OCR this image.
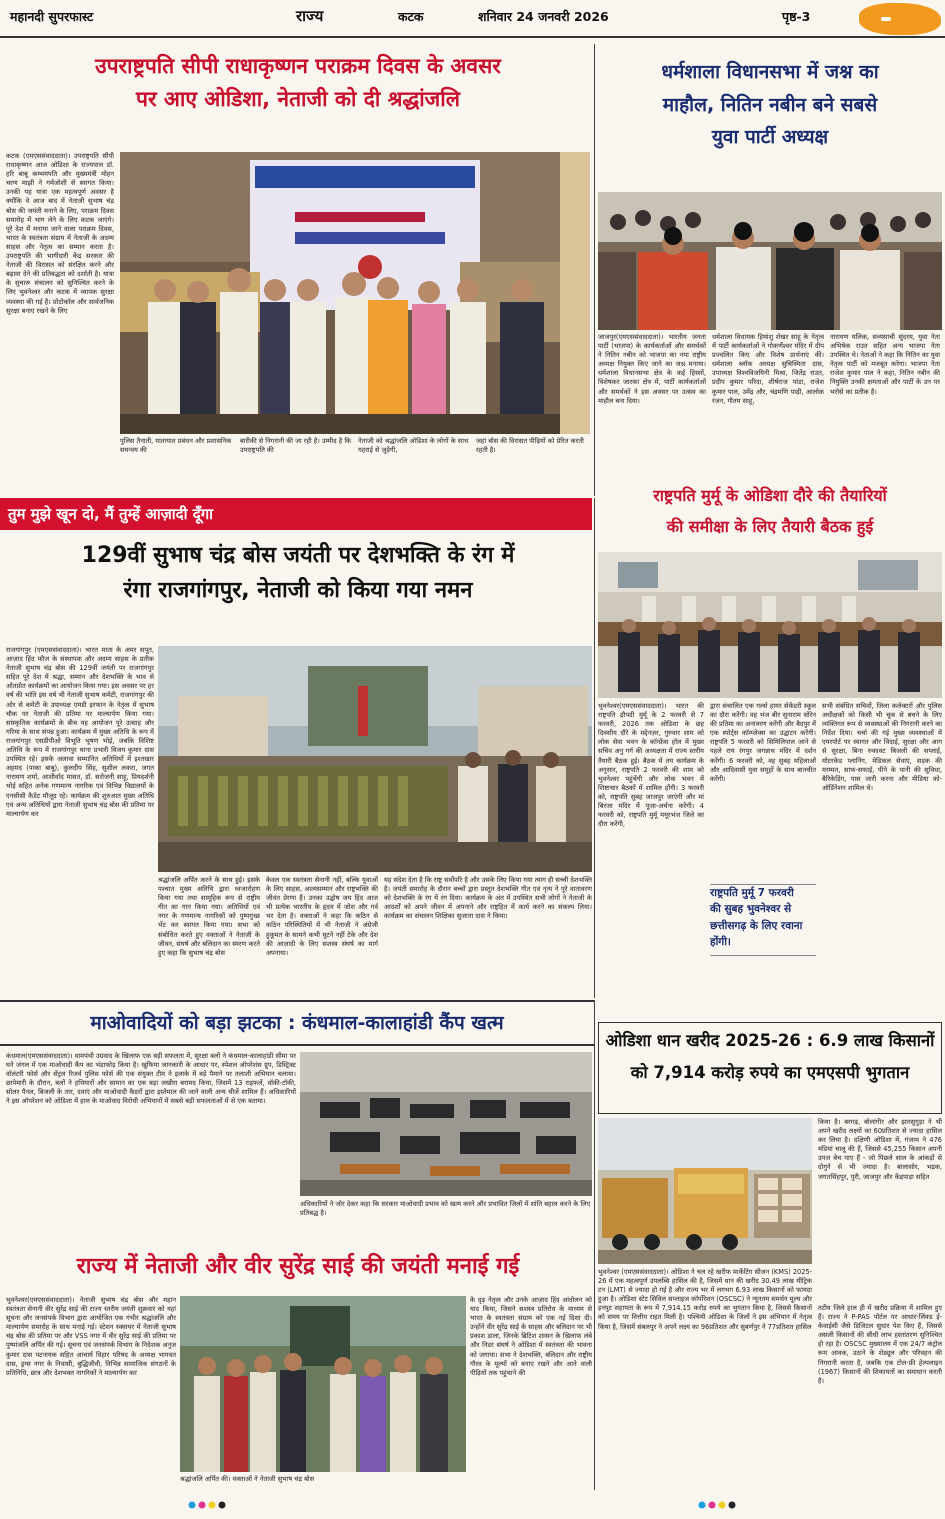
महानदी सुपरफास्ट	राज्य	कटक	शनिवार 24 जनवरी 2026	पृष्ठ-3
उपराष्ट्रपति सीपी राधाकृष्णन पराक्रम दिवस के अवसर
पर आए ओडिशा, नेताजी को दी श्रद्धांजलि
कटक (एमएससंवाददाता)। उपराष्ट्रपति सीपी राधाकृष्णन आज ओडिशा के राज्यपाल डॉ. हरि बाबू कम्भमपति और मुख्यमंत्री मोहन चरण माझी ने गर्मजोशी से स्वागत किया। उनकी यह यात्रा एक महत्वपूर्ण अवसर है क्योंकि वे आज बाद में नेताजी सुभाष चंद्र बोस की जयंती मनाने के लिए, पराक्रम दिवस समारोह में भाग लेने के लिए कटक जाएंगे। पूरे देश में मनाया जाने वाला पराक्रम दिवस, भारत के स्वतंत्रता संग्राम में नेताजी के अदम्य साहस और नेतृत्व का सम्मान करता है। उपराष्ट्रपति की भागीदारी केंद्र सरकार की नेताजी की विरासत को संरक्षित करने और बढ़ावा देने की प्रतिबद्धता को दर्शाती है। यात्रा के सुचारू संचालन को सुनिश्चित करने के लिए भुवनेश्वर और कटक में व्यापक सुरक्षा व्यवस्था की गई है। प्रोटोकॉल और सार्वजनिक सुरक्षा बनाए रखने के लिए
पुलिस तैनाती, यातायात प्रबंधन और प्रशासनिक समन्वय की
बारीकी से निगरानी की जा रही है। उम्मीद है कि उपराष्ट्रपति की
नेताजी को श्रद्धांजलि ओडिशा के लोगों के साथ गहराई से जुड़ेगी,
जहां बोस की विरासत पीढ़ियों को प्रेरित करती रहती है।
धर्मशाला विधानसभा में जश्न का
माहौल, नितिन नबीन बने सबसे
युवा पार्टी अध्यक्ष
जाजपुर(एमएससंवाददाता)। भारतीय जनता पार्टी (भाजपा) के कार्यकर्ताओं और समर्थकों ने नितिन नबीन को भाजपा का नया राष्ट्रीय अध्यक्ष नियुक्त किए जाने का जश्न मनाया। धर्मशाला विधानसभा क्षेत्र के कई हिस्सों, विशेषकर जारका क्षेत्र में, पार्टी कार्यकर्ताओं और समर्थकों ने इस अवसर पर उत्सव का माहौल बना दिया।
धर्मशाला विधायक हिमांशु शेखर साहू के नेतृत्व में पार्टी कार्यकर्ताओं ने गोकर्णेश्वर मंदिर में दीप प्रज्वलित किए और विशेष प्रार्थनाएं कीं। धर्मशाला ब्लॉक अध्यक्ष सुचिस्मिता दास, उपाध्यक्ष विश्वविजयिनी मिश्रा, जितेंद्र राउत, प्रदीप कुमार परिदा, शीर्षराज पांडा, राजेश कुमार पाल, उमेंद्र और, चंद्रमणि पाढ़ी, आलोक रंजन, गौतम साहू,
नारायण मलिक, सव्यसाची सुंदरय, युवा नेता अभिषेक राउत सहित अन्य भाजपा नेता उपस्थित थे। नेताओं ने कहा कि नितिन का युवा नेतृत्व पार्टी को मजबूत करेगा। भाजपा नेता राजेश कुमार पाल ने कहा, नितिन नबीन की नियुक्ति उनकी क्षमताओं और पार्टी के उन पर भरोसे का प्रतीक है।
तुम मुझे खून दो, मैं तुम्हें आज़ादी दूँगा
129वीं सुभाष चंद्र बोस जयंती पर देशभक्ति के रंग में
रंगा राजगांगपुर, नेताजी को किया गया नमन
राजगांगपुर (एमएससंवाददाता)। भारत माता के अमर सपूत, आज़ाद हिंद फौज के संस्थापक और अदम्य साहस के प्रतीक नेताजी सुभाष चंद्र बोस की 129वीं जयंती पर राजगांगपुर सहित पूरे देश में श्रद्धा, सम्मान और देशभक्ति के भाव से ओतप्रोत कार्यक्रमों का आयोजन किया गया। इस अवसर पर हर वर्ष की भांति इस वर्ष भी नेताजी सुभाष कमेटी, राजगांगपुर की ओर से कमेटी के उपाध्यक्ष एमडी इरफान के नेतृत्व में सुभाष चौक पर नेताजी की प्रतिमा पर माल्यार्पण किया गया। सांस्कृतिक कार्यक्रमों के बीच यह आयोजन पूरे उत्साह और गरिमा के साथ संपन्न हुआ। कार्यक्रम में मुख्य अतिथि के रूप में राजगांगपुर एसडीपीओ विभूति भूषण भोई, जबकि विशिष्ट अतिथि के रूप में राजगांगपुर थाना प्रभारी विजय कुमार दास उपस्थित रहे। इसके अलावा सम्मानित अतिथियों में इश्तखार अहमद (पाका बाबू), कुलदीप सिंह, सुशील लकरा, जगत नारायण शर्मा, आशीर्वाद मासत, डॉ. सरोजनी साहू, प्रियदर्शनी भोई सहित अनेक गणमान्य नागरिक एवं विभिन्न विद्यालयों के एनसीसी कैडेट मौजूद रहे। कार्यक्रम की शुरुआत मुख्य अतिथि एवं अन्य अतिथियों द्वारा नेताजी सुभाष चंद्र बोस की प्रतिमा पर माल्यार्पण कर
श्रद्धांजलि अर्पित करने के साथ हुई। इसके पश्चात मुख्य अतिथि द्वारा ध्वजारोहण किया गया तथा सामूहिक रूप से राष्ट्रीय गीत का गान किया गया। अतिथियों एवं नगर के गणमान्य नागरिकों को पुष्पगुच्छ भेंट कर स्वागत किया गया। सभा को संबोधित करते हुए वक्ताओं ने नेताजी के जीवन, संघर्ष और बलिदान का स्मरण करते हुए कहा कि सुभाष चंद्र बोस
केवल एक स्वतंत्रता सेनानी नहीं, बल्कि युवाओं के लिए साहस, आत्मसम्मान और राष्ट्रभक्ति की जीवंत प्रेरणा हैं। उनका उद्घोष जय हिंद आज भी प्रत्येक भारतीय के हृदय में जोश और गर्व भर देता है। वक्ताओं ने कहा कि कठिन से कठिन परिस्थितियों में भी नेताजी ने अंग्रेजी हुकूमत के सामने कभी घुटने नहीं टेके और देश की आज़ादी के लिए सशस्त्र संघर्ष का मार्ग अपनाया।
यह संदेश देता है कि राष्ट्र सर्वोपरि है और उसके लिए किया गया त्याग ही सच्ची देशभक्ति है। जयंती समारोह के दौरान बच्चों द्वारा प्रस्तुत देशभक्ति गीत एवं नृत्य ने पूरे वातावरण को देशभक्ति के रंग में रंग दिया। कार्यक्रम के अंत में उपस्थित सभी लोगों ने नेताजी के आदर्शों को अपने जीवन में अपनाने और राष्ट्रहित में कार्य करने का संकल्प लिया। कार्यक्रम का संचालन शिक्षिका सुजाता दास ने किया।
राष्ट्रपति मुर्मू के ओडिशा दौरे की तैयारियों
की समीक्षा के लिए तैयारी बैठक हुई
भुवनेश्वर(एमएससंवाददाता)। भारत की राष्ट्रपति द्रौपदी मुर्मू के 2 फरवरी से 7 फरवरी, 2026 तक ओडिशा के छह दिवसीय दौरे के मद्देनज़र, गुरुवार शाम को लोक सेवा भवन के कॉन्फ्रेंस हॉल में मुख्य सचिव अनु गर्ग की अध्यक्षता में राज्य स्तरीय तैयारी बैठक हुई। बैठक में तय कार्यक्रम के अनुसार, राष्ट्रपति 2 फरवरी की शाम को भुवनेश्वर पहुंचेंगी और लोक भवन में शिष्टाचार बैठकों में शामिल होंगी। 3 फरवरी को, राष्ट्रपति सुबह जाजपुर जाएंगी और मां बिरजा मंदिर में पूजा-अर्चना करेंगी। 4 फरवरी को, राष्ट्रपति मुर्मू मयूरभंज जिले का दौरा करेंगी,
द्वारा संचालित एक गर्ल्स हायर सेकेंडरी स्कूल का दौरा करेंगी। वह भंज बीर सुनाराम सोरेन की प्रतिमा का अनावरण करेंगी और बैदपुर में एक स्पोर्ट्स कॉम्प्लेक्स का उद्घाटन करेंगी। राष्ट्रपति 5 फरवरी को सिमिलिपाल जाने से पहले राय रंगपुर जगन्नाथ मंदिर में दर्शन करेंगी। 6 फरवरी को, वह सुबह महिलाओं और आदिवासी युवा समूहों के साथ बातचीत करेंगी।
राष्ट्रपति मुर्मू 7 फरवरी
की सुबह भुवनेश्वर से
छत्तीसगढ़ के लिए रवाना
होंगी।
सभी संबंधित सचिवों, जिला कलेक्टरों और पुलिस अधीक्षकों को किसी भी चूक से बचने के लिए व्यक्तिगत रूप से व्यवस्थाओं की निगरानी करने का निर्देश दिया। चर्चा की गई मुख्य व्यवस्थाओं में एयरपोर्ट पर स्वागत और विदाई, सुरक्षा और आग से सुरक्षा, बिना रुकावट बिजली की सप्लाई, मोटरकेड प्लानिंग, मेडिकल सेवाएं, सड़क की मरम्मत, साफ-सफाई, पीने के पानी की सुविधा, बैरिकेडिंग, पास जारी करना और मीडिया को-ऑर्डिनेशन शामिल थे।
माओवादियों को बड़ा झटका : कंधमाल-कालाहांडी कैंप खत्म
कंधमाल(एमएससंवाददाता)। वामपंथी उग्रवाद के खिलाफ एक बड़ी सफलता में, सुरक्षा बलों ने कंधमाल-कालाहांडी सीमा पर घने जंगल में एक माओवादी कैंप का भंडाफोड़ किया है। खुफिया जानकारी के आधार पर, स्पेशल ऑपरेशंस ग्रुप, डिस्ट्रिक्ट वॉलंटरी फोर्स और सेंट्रल रिजर्व पुलिस फोर्स की एक संयुक्त टीम ने इलाके में बड़े पैमाने पर तलाशी अभियान चलाया। छापेमारी के दौरान, बलों ने हथियारों और सामान का एक बड़ा जखीरा बरामद किया, जिसमें 13 राइफलें, वॉकी-टॉकी, सोलर पैनल, बिजली के तार, दवाएं और माओवादी कैडरों द्वारा इस्तेमाल की जाने वाली अन्य चीजें शामिल हैं। अधिकारियों ने इस ऑपरेशन को ओडिशा में हाल के माओवाद विरोधी अभियानों में सबसे बड़ी सफलताओं में से एक बताया।
अधिकारियों ने जोर देकर कहा कि सरकार माओवादी प्रभाव को खत्म करने और प्रभावित जिलों में शांति बहाल करने के लिए प्रतिबद्ध है।
राज्य में नेताजी और वीर सुरेंद्र साई की जयंती मनाई गई
भुवनेश्वर(एमएससंवाददाता)। नेताजी सुभाष चंद्र बोस और महान स्वतंत्रता सेनानी वीर सुरेंद्र साई की राज्य स्तरीय जयंती शुक्रवार को यहां सूचना और जनसंपर्क विभाग द्वारा आयोजित एक गंभीर श्रद्धांजलि और माल्यार्पण समारोह के साथ मनाई गई। स्टेशन स्क्वायर में नेताजी सुभाष चंद्र बोस की प्रतिमा पर और VSS नगर में वीर सुरेंद्र साई की प्रतिमा पर पुष्पांजलि अर्पित की गई। सूचना एवं जनसंपर्क विभाग के निदेशक अनुज कुमार दास पटनायक सहित आचार्य विहार परिषद के अध्यक्ष भागवत दास, ड्रग्स नगर के निवासी, बुद्धिजीवी, विभिन्न सामाजिक संगठनों के प्रतिनिधि, छात्र और देशभक्त नागरिकों ने माल्यार्पण कर
श्रद्धांजलि अर्पित की। वक्ताओं ने नेताजी सुभाष चंद्र बोस
के दृढ़ नेतृत्व और उनके आज़ाद हिंद आंदोलन को याद किया, जिसने सशस्त्र प्रतिरोध के माध्यम से भारत के स्वतंत्रता संग्राम को एक नई दिशा दी। उन्होंने वीर सुरेंद्र साई के साहस और बलिदान पर भी प्रकाश डाला, जिनके ब्रिटिश शासन के खिलाफ लंबे और निडर संघर्ष ने ओडिशा में स्वतंत्रता की भावना को जगाया। सभा ने देशभक्ति, बलिदान और राष्ट्रीय गौरव के मूल्यों को बनाए रखने और आने वाली पीढ़ियों तक पहुंचाने की
ओडिशा धान खरीद 2025-26 : 6.9 लाख किसानों
को 7,914 करोड़ रुपये का एमएसपी भुगतान
किया है। बरगढ़, बोलांगीर और झारसुगुड़ा ने भी अपने खरीद लक्ष्यों का 60प्रतिशत से ज्यादा हासिल कर लिया है। दक्षिणी ओडिशा में, गंजाम ने 476 मंडियां चालू की हैं, जिससे 45,255 किसान अपनी उपज बेच पाए हैं - जो पिछले साल के आंकड़ों से दोगुने से भी ज्यादा है। बालासोर, भद्रक, जगतसिंहपुर, पुरी, जाजपुर और केंद्रपाड़ा सहित
भुवनेश्वर (एमएससंवाददाता)। ओडिशा ने चल रहे खरीफ मार्केटिंग सीजन (KMS) 2025-26 में एक महत्वपूर्ण उपलब्धि हासिल की है, जिसमें धान की खरीद 30.49 लाख मीट्रिक टन (LMT) से ज्यादा हो गई है और राज्य भर में लगभग 6.93 लाख किसानों को फायदा हुआ है। ओडिशा स्टेट सिविल सप्लाइज कॉर्पोरेशन (OSCSC) ने न्यूनतम समर्थन मूल्य और इनपुट सहायता के रूप में 7,914.15 करोड़ रुपये का भुगतान किया है, जिससे किसानों को समय पर वित्तीय राहत मिली है। पश्चिमी ओडिशा के जिलों ने इस अभियान में नेतृत्व किया है, जिसमें संबलपुर ने अपने लक्ष्य का 96प्रतिशत और सुबर्णपुर ने 77प्रतिशत हासिल
तटीय जिले हाल ही में खरीद प्रक्रिया में शामिल हुए हैं। राज्य ने P-PAS पोर्टल पर आधार-लिंक्ड ई-केवाईसी जैसे डिजिटल सुधार पेश किए हैं, जिससे असली किसानों की सीधी लाभ हस्तांतरण सुनिश्चित हो रहा है। OSCSC मुख्यालय में एक 24/7 कंट्रोल रूम आवक, उठाने के शेड्यूल और परिवहन की निगरानी करता है, जबकि एक टोल-फ्री हेल्पलाइन (1967) किसानों की शिकायतों का समाधान करती है।
